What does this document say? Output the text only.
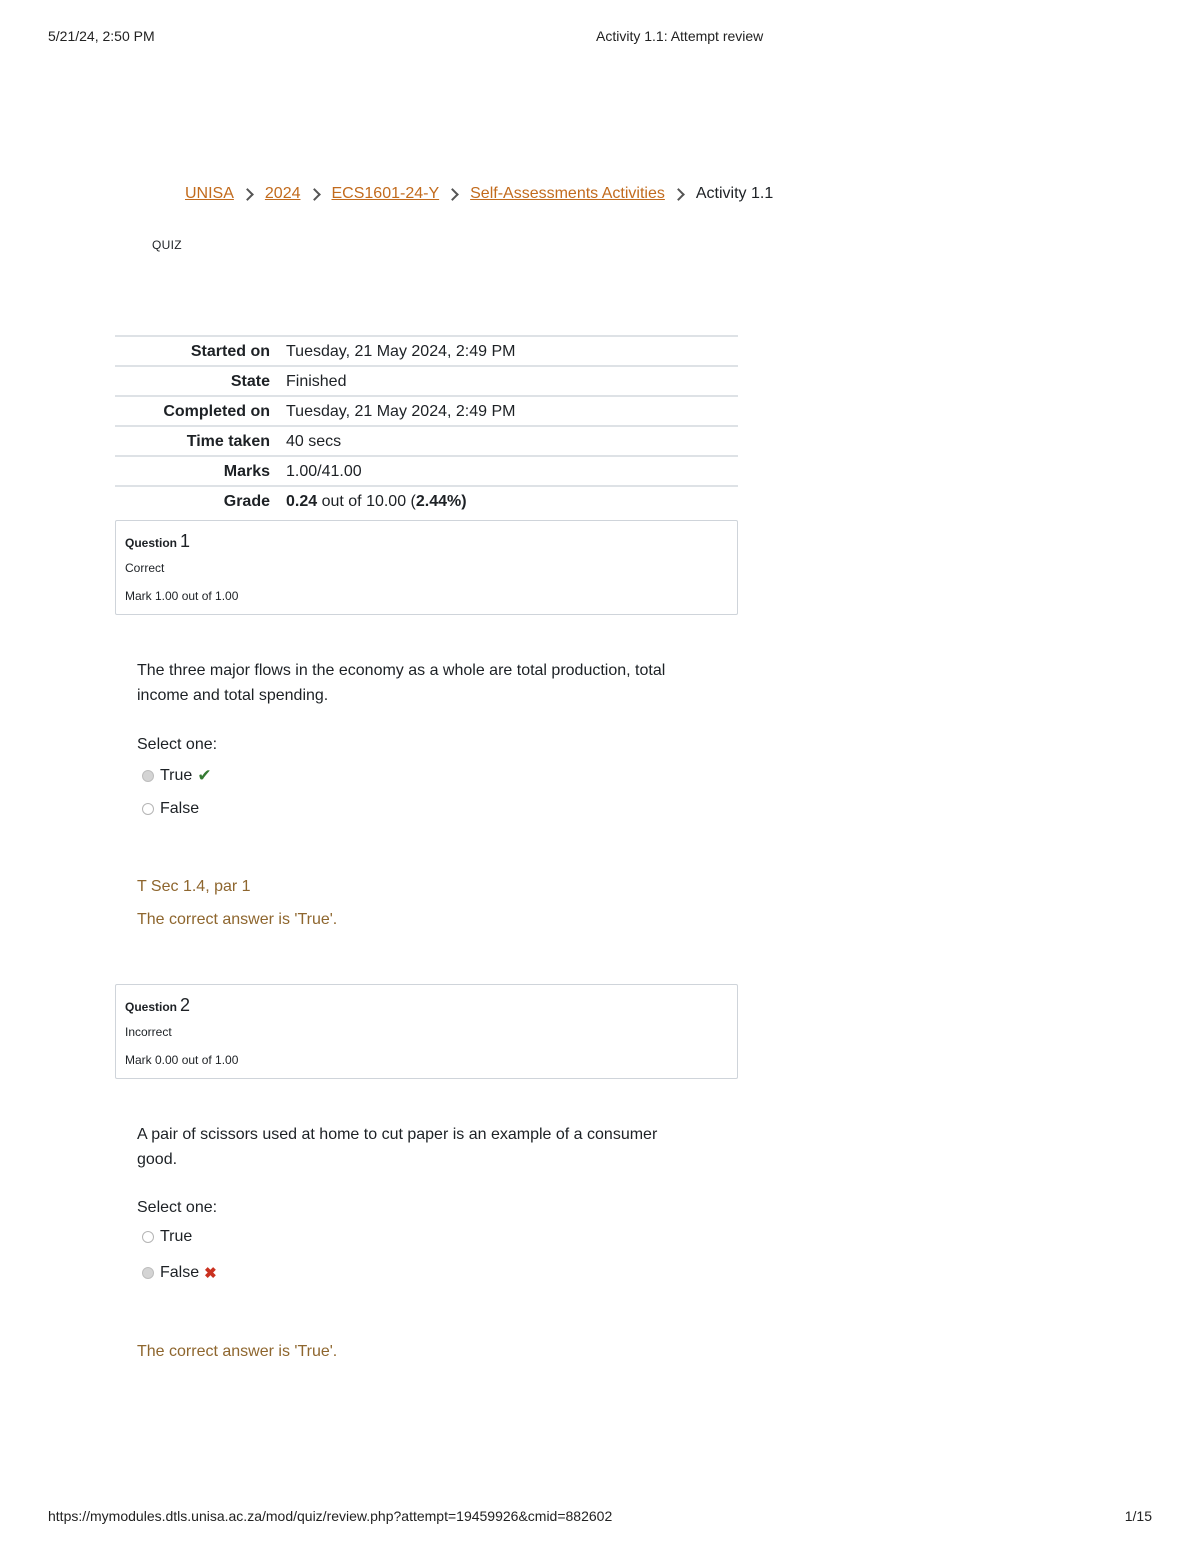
5/21/24, 2:50 PM	Activity 1.1: Attempt review
UNISA 2024 ECS1601-24-Y Self-Assessments Activities Activity 1.1
QUIZ
Started on	Tuesday, 21 May 2024, 2:49 PM
State	Finished
Completed on	Tuesday, 21 May 2024, 2:49 PM
Time taken	40 secs
Marks	1.00/41.00
Grade	0.24 out of 10.00 (2.44%)
Question 1
Correct
Mark 1.00 out of 1.00
The three major flows in the economy as a whole are total production, total income and total spending.
Select one:
True ✔
False
T Sec 1.4, par 1
The correct answer is 'True'.
Question 2
Incorrect
Mark 0.00 out of 1.00
A pair of scissors used at home to cut paper is an example of a consumer good.
Select one:
True
False ✖
The correct answer is 'True'.
https://mymodules.dtls.unisa.ac.za/mod/quiz/review.php?attempt=19459926&cmid=882602	1/15
